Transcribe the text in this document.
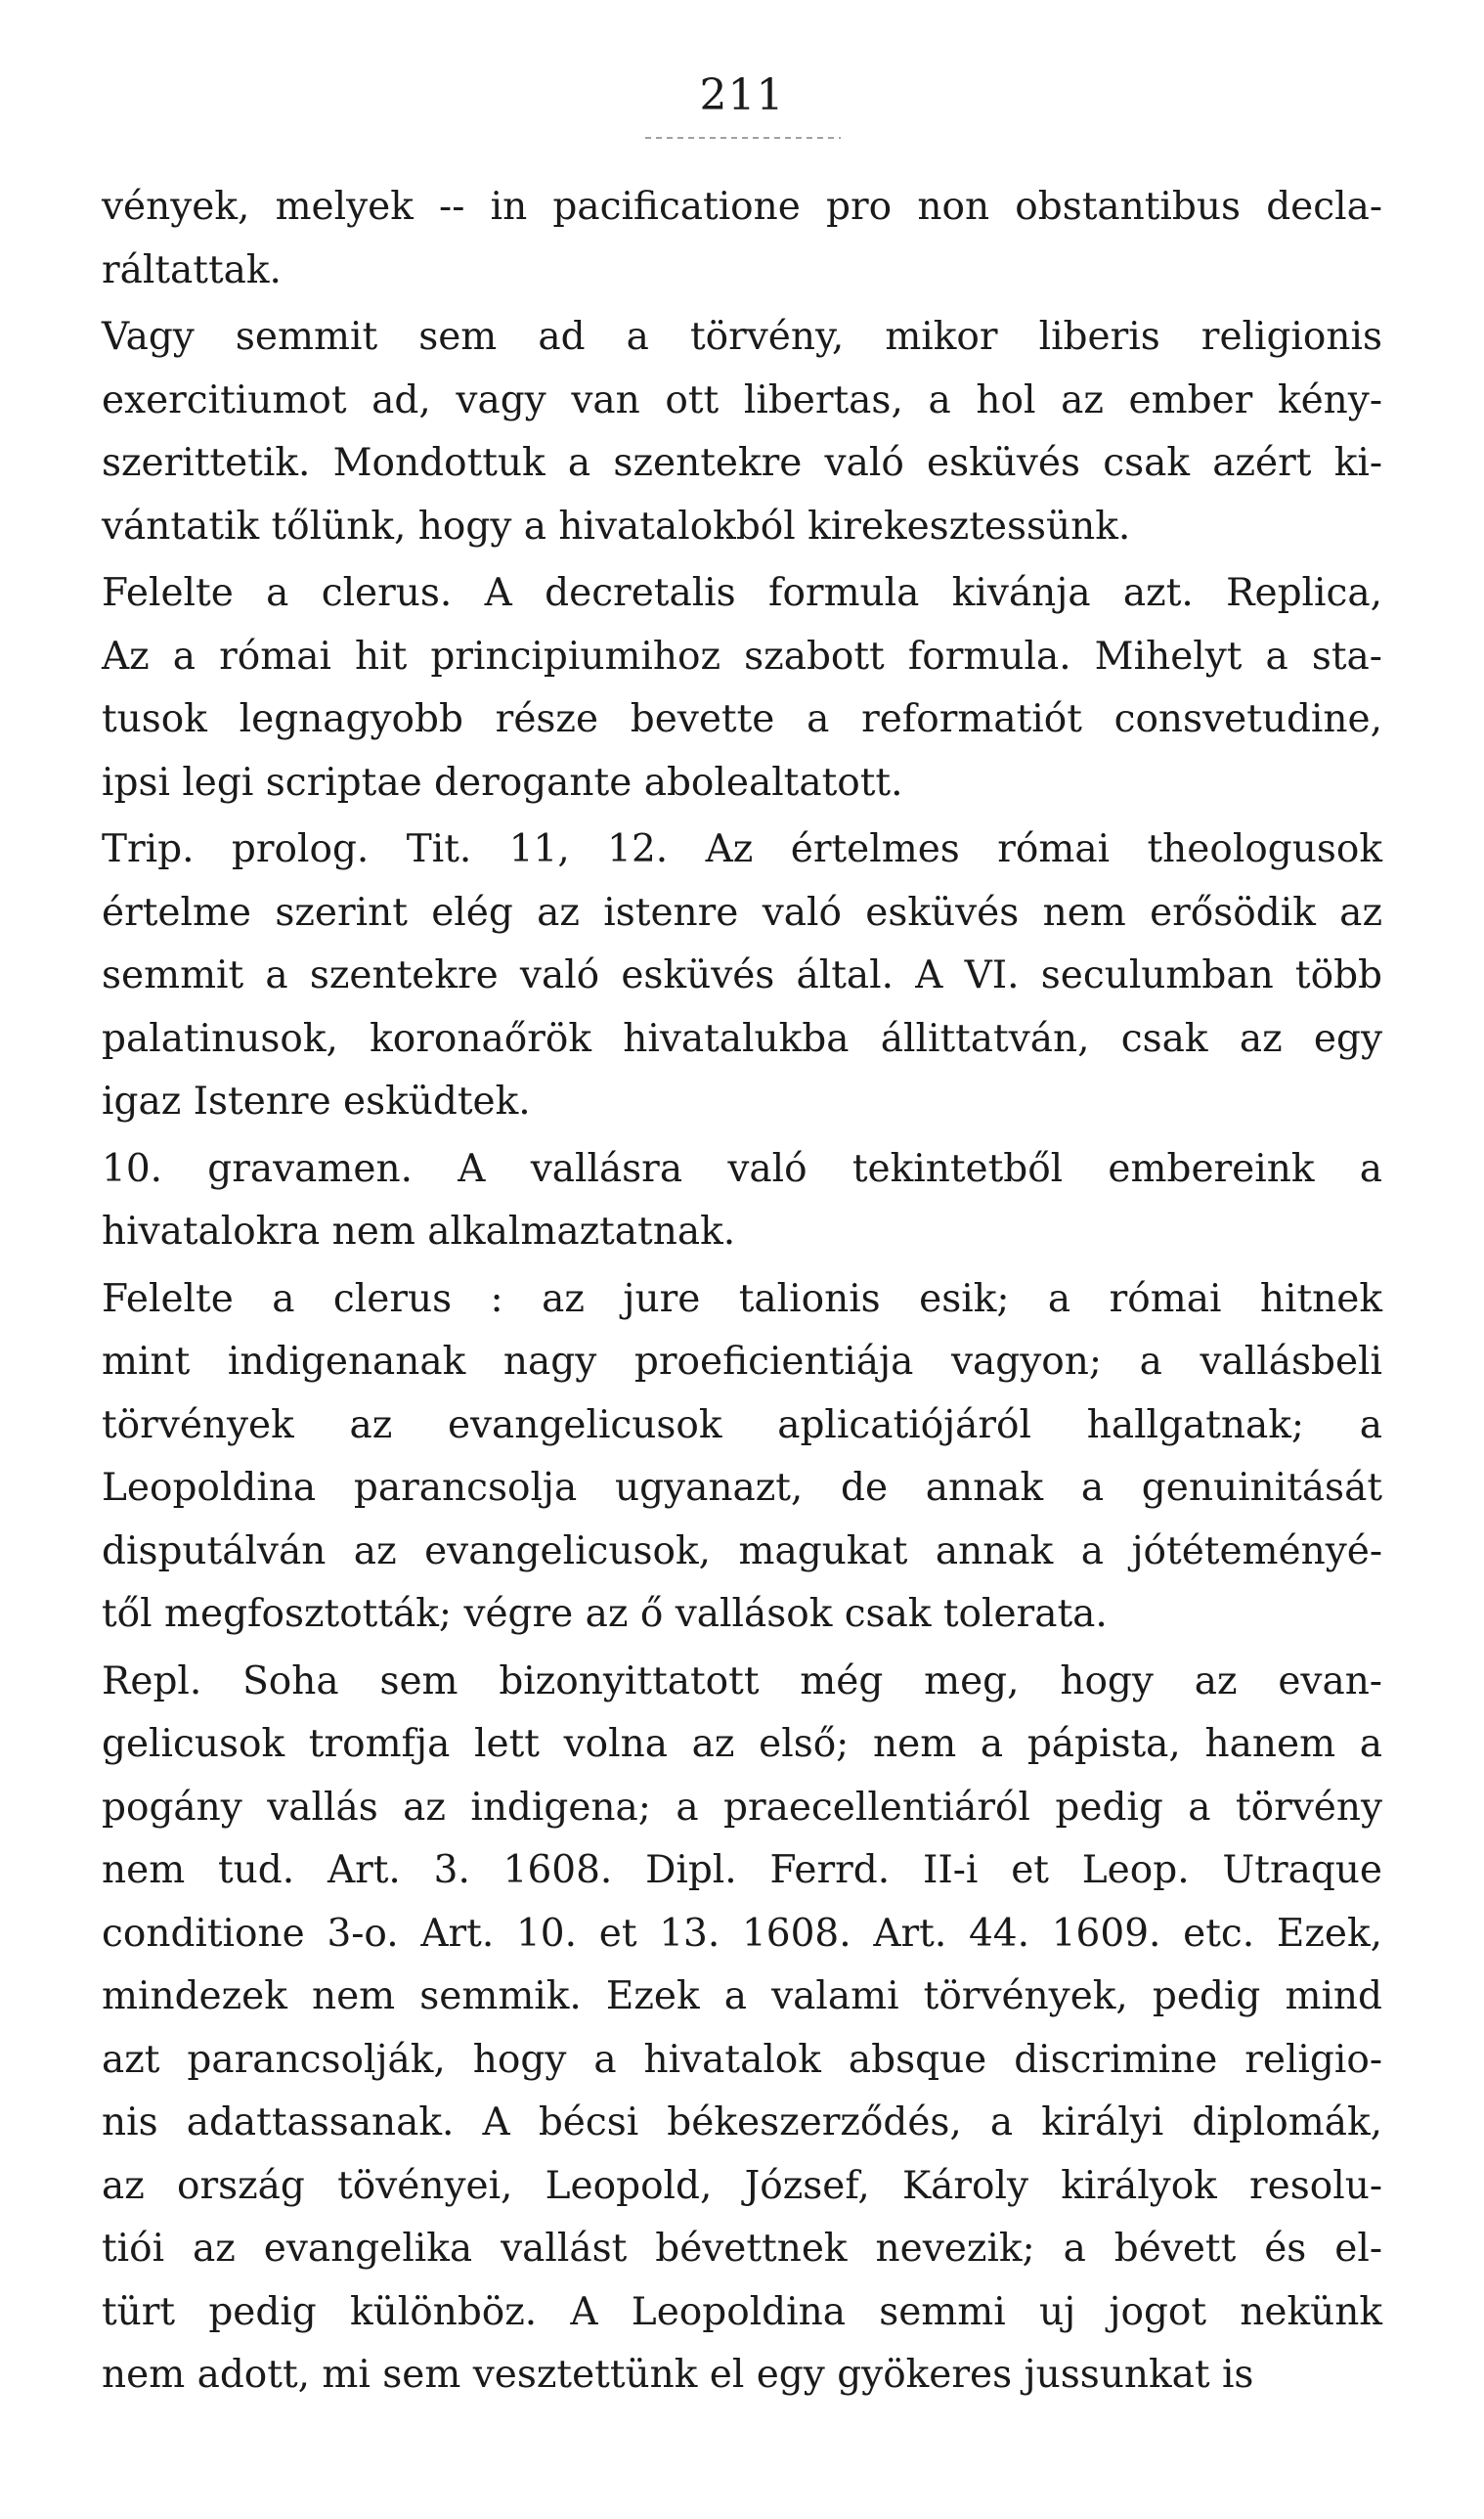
211
vények, melyek -- in pacificatione pro non obstantibus decla-
ráltattak.
Vagy semmit sem ad a törvény, mikor liberis religionis
exercitiumot ad, vagy van ott libertas, a hol az ember kény-
szerittetik. Mondottuk a szentekre való esküvés csak azért ki-
vántatik tőlünk, hogy a hivatalokból kirekesztessünk.
Felelte a clerus. A decretalis formula kivánja azt. Replica,
Az a római hit principiumihoz szabott formula. Mihelyt a sta-
tusok legnagyobb része bevette a reformatiót consvetudine,
ipsi legi scriptae derogante abolealtatott.
Trip. prolog. Tit. 11, 12. Az értelmes római theologusok
értelme szerint elég az istenre való esküvés nem erősödik az
semmit a szentekre való esküvés által. A VI. seculumban több
palatinusok, koronaőrök hivatalukba állittatván, csak az egy
igaz Istenre esküdtek.
10. gravamen. A vallásra való tekintetből embereink a
hivatalokra nem alkalmaztatnak.
Felelte a clerus : az jure talionis esik; a római hitnek
mint indigenanak nagy proeficientiája vagyon; a vallásbeli
törvények az evangelicusok aplicatiójáról hallgatnak; a
Leopoldina parancsolja ugyanazt, de annak a genuinitását
disputálván az evangelicusok, magukat annak a jótéteményé-
től megfosztották; végre az ő vallások csak tolerata.
Repl. Soha sem bizonyittatott még meg, hogy az evan-
gelicusok tromfja lett volna az első; nem a pápista, hanem a
pogány vallás az indigena; a praecellentiáról pedig a törvény
nem tud. Art. 3. 1608. Dipl. Ferrd. II-i et Leop. Utraque
conditione 3-o. Art. 10. et 13. 1608. Art. 44. 1609. etc. Ezek,
mindezek nem semmik. Ezek a valami törvények, pedig mind
azt parancsolják, hogy a hivatalok absque discrimine religio-
nis adattassanak. A bécsi békeszerződés, a királyi diplomák,
az ország tövényei, Leopold, József, Károly királyok resolu-
tiói az evangelika vallást bévettnek nevezik; a bévett és el-
türt pedig különböz. A Leopoldina semmi uj jogot nekünk
nem adott, mi sem vesztettünk el egy gyökeres jussunkat is
